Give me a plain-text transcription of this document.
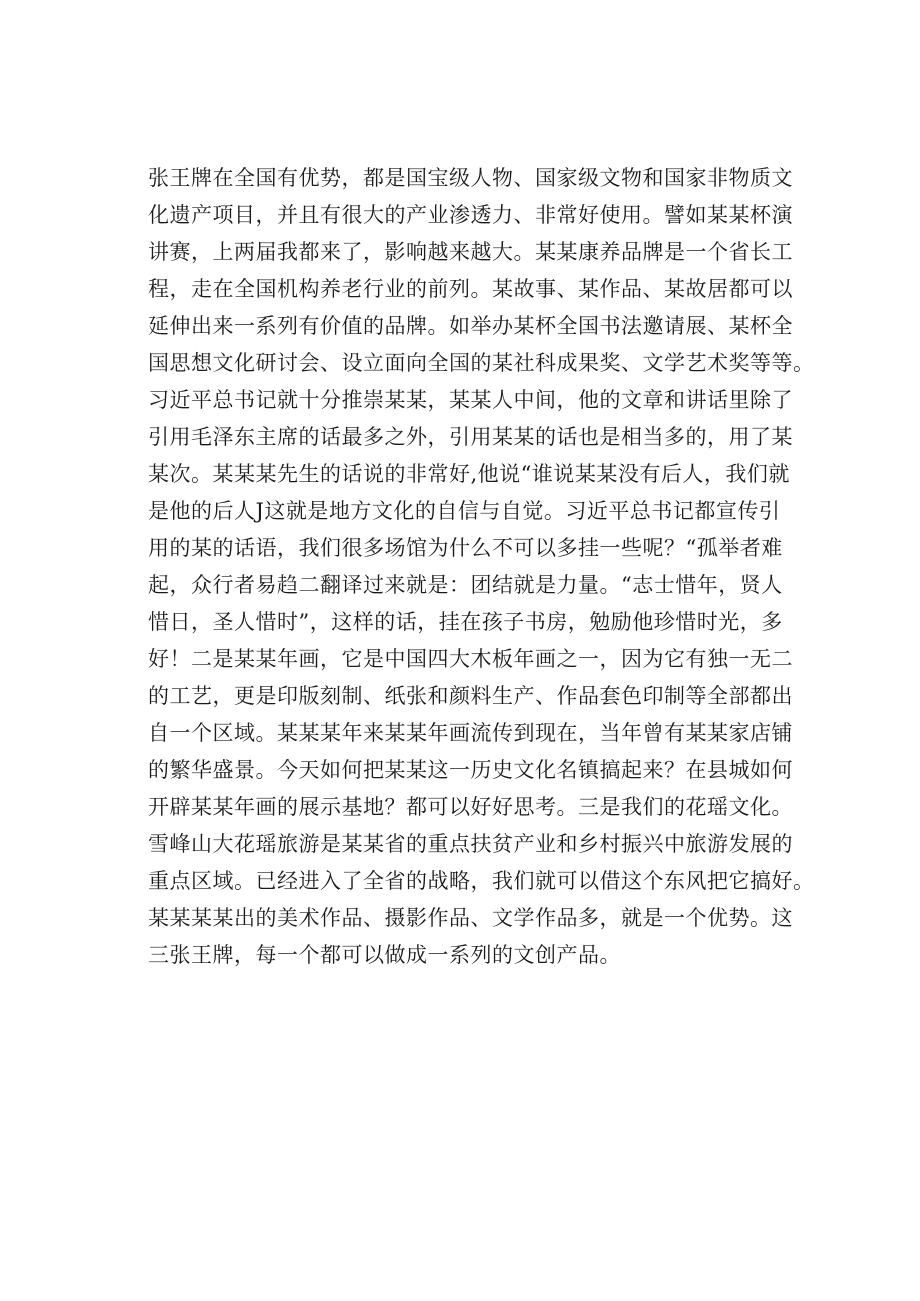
张王牌在全国有优势，都是国宝级人物、国家级文物和国家非物质文
化遗产项目，并且有很大的产业渗透力、非常好使用。譬如某某杯演
讲赛，上两届我都来了，影响越来越大。某某康养品牌是一个省长工
程，走在全国机构养老行业的前列。某故事、某作品、某故居都可以
延伸出来一系列有价值的品牌。如举办某杯全国书法邀请展、某杯全
国思想文化研讨会、设立面向全国的某社科成果奖、文学艺术奖等等。
习近平总书记就十分推崇某某，某某人中间，他的文章和讲话里除了
引用毛泽东主席的话最多之外，引用某某的话也是相当多的，用了某
某次。某某某先生的话说的非常好,他说“谁说某某没有后人，我们就
是他的后人J这就是地方文化的自信与自觉。习近平总书记都宣传引
用的某的话语，我们很多场馆为什么不可以多挂一些呢？“孤举者难
起，众行者易趋二翻译过来就是：团结就是力量。“志士惜年，贤人
惜日，圣人惜时”，这样的话，挂在孩子书房，勉励他珍惜时光，多
好！二是某某年画，它是中国四大木板年画之一，因为它有独一无二
的工艺，更是印版刻制、纸张和颜料生产、作品套色印制等全部都出
自一个区域。某某某年来某某年画流传到现在，当年曾有某某家店铺
的繁华盛景。今天如何把某某这一历史文化名镇搞起来？在县城如何
开辟某某年画的展示基地？都可以好好思考。三是我们的花瑶文化。
雪峰山大花瑶旅游是某某省的重点扶贫产业和乡村振兴中旅游发展的
重点区域。已经进入了全省的战略，我们就可以借这个东风把它搞好。
某某某某出的美术作品、摄影作品、文学作品多，就是一个优势。这
三张王牌，每一个都可以做成一系列的文创产品。
